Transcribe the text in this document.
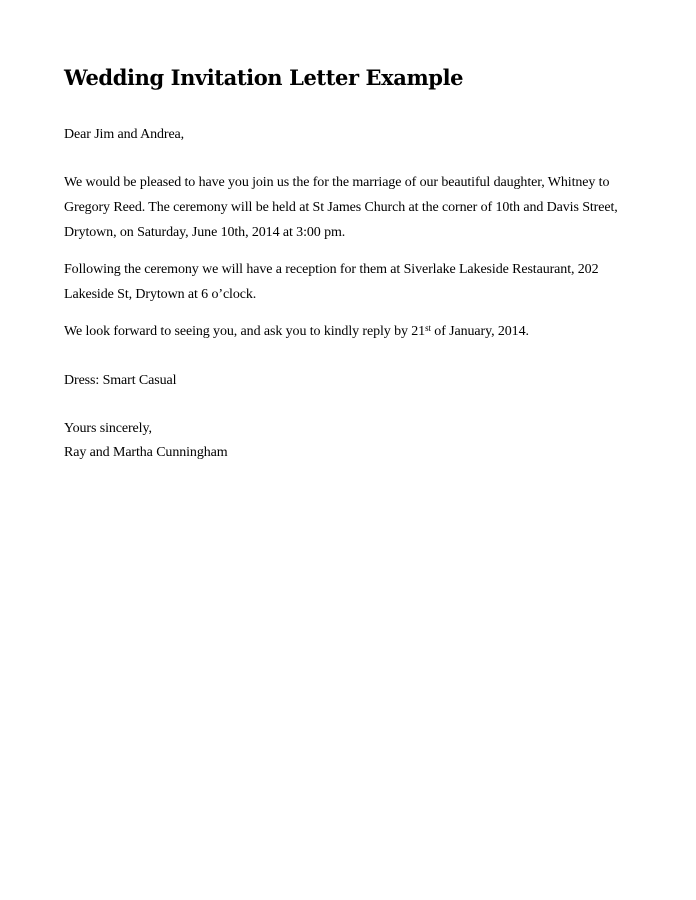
Wedding Invitation Letter Example

Dear Jim and Andrea,

We would be pleased to have you join us the for the marriage of our beautiful daughter, Whitney to Gregory Reed. The ceremony will be held at St James Church at the corner of 10th and Davis Street, Drytown, on Saturday, June 10th, 2014 at 3:00 pm.

Following the ceremony we will have a reception for them at Siverlake Lakeside Restaurant, 202 Lakeside St, Drytown at 6 o’clock.

We look forward to seeing you, and ask you to kindly reply by 21st of January, 2014.

Dress: Smart Casual

Yours sincerely,

Ray and Martha Cunningham
